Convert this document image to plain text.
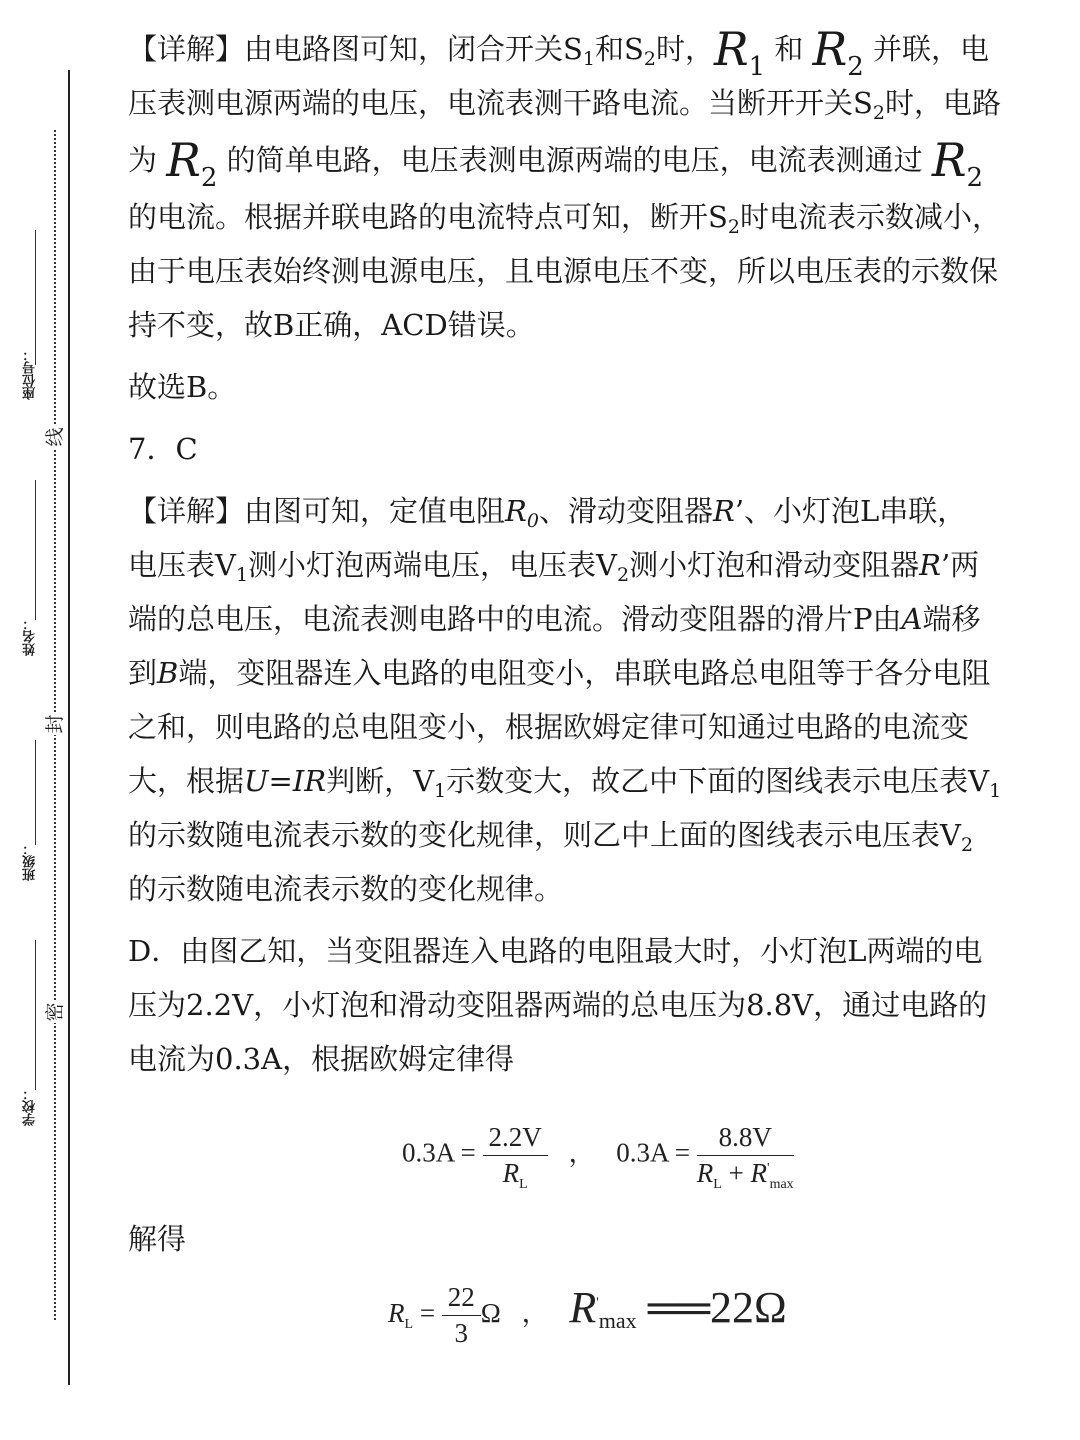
线
封
密
座位号：
姓名：
班级：
学校：

【详解】由电路图可知，闭合开关$S_1$和$S_2$时，$R_1$ 和 $R_2$ 并联，电

压表测电源两端的电压，电流表测干路电流。当断开开关$S_2$时，电路

为 $R_2$ 的简单电路，电压表测电源两端的电压，电流表测通过 $R_2$

的电流。根据并联电路的电流特点可知，断开$S_2$时电流表示数减小，

由于电压表始终测电源电压，且电源电压不变，所以电压表的示数保

持不变，故B正确，ACD错误。

故选B。

7．C

【详解】由图可知，定值电阻$R_0$、滑动变阻器R’、小灯泡L串联，

电压表$V_1$测小灯泡两端电压，电压表$V_2$测小灯泡和滑动变阻器R’两

端的总电压，电流表测电路中的电流。滑动变阻器的滑片P由A端移

到B端，变阻器连入电路的电阻变小，串联电路总电阻等于各分电阻

之和，则电路的总电阻变小，根据欧姆定律可知通过电路的电流变

大，根据U=IR判断，$V_1$示数变大，故乙中下面的图线表示电压表$V_1$

的示数随电流表示数的变化规律，则乙中上面的图线表示电压表$V_2$

的示数随电流表示数的变化规律。

D．由图乙知，当变阻器连入电路的电阻最大时，小灯泡L两端的电

压为2.2V，小灯泡和滑动变阻器两端的总电压为8.8V，通过电路的

电流为0.3A，根据欧姆定律得

$0.3A = \frac{2.2V}{R_L}$ ， $0.3A = \frac{8.8V}{R_L + R'_{max}}$

解得

$R_L = \frac{22}{3}$ Ω ， $R'_{max}$ ══22Ω
